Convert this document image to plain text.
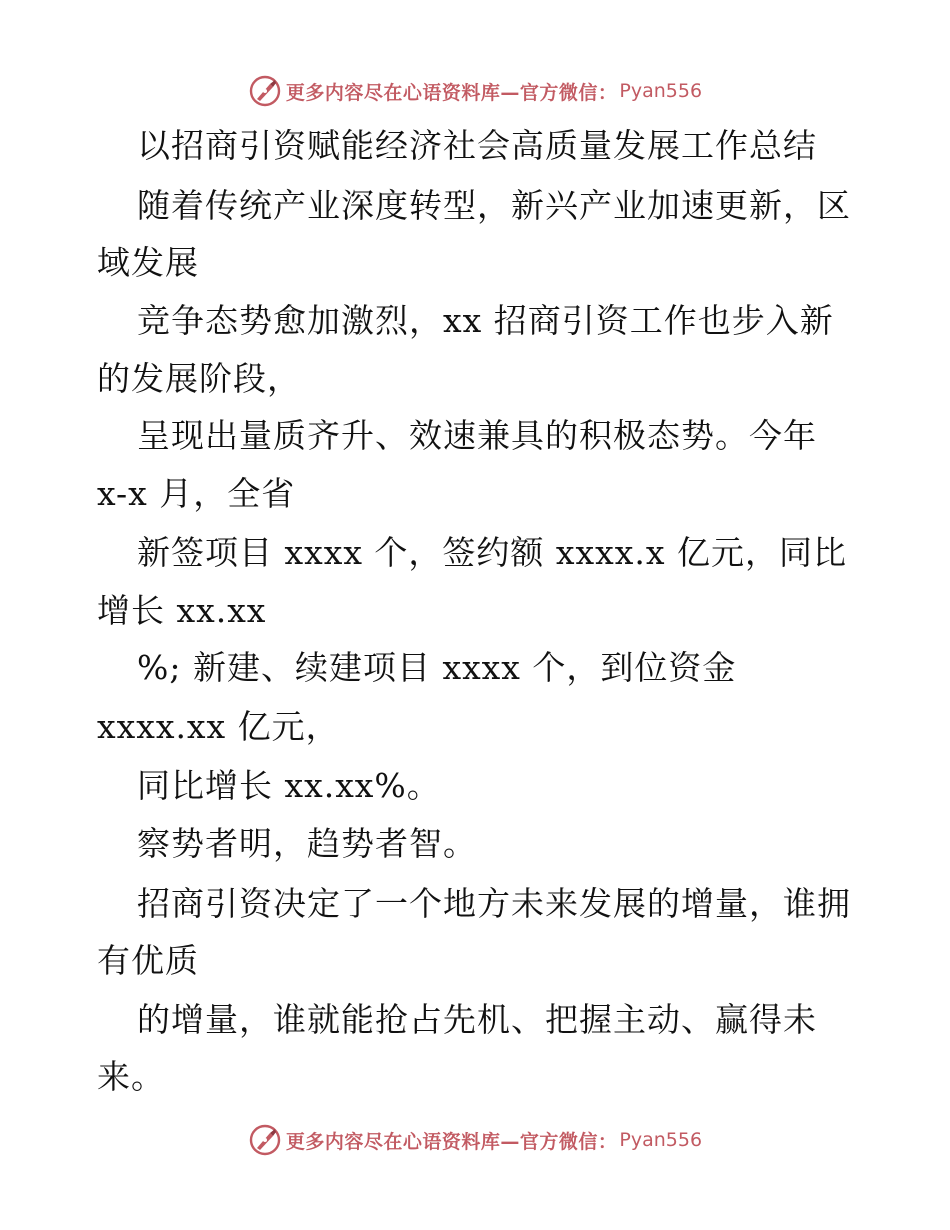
更多内容尽在心语资料库—官方微信： Pyan556
以招商引资赋能经济社会高质量发展工作总结
随着传统产业深度转型，新兴产业加速更新，区
域发展
竞争态势愈加激烈，xx 招商引资工作也步入新
的发展阶段，
呈现出量质齐升、效速兼具的积极态势。今年
x-x 月，全省
新签项目 xxxx 个，签约额 xxxx.x 亿元，同比
增长 xx.xx
%; 新建、续建项目 xxxx 个，到位资金
xxxx.xx 亿元，
同比增长 xx.xx%。
察势者明，趋势者智。
招商引资决定了一个地方未来发展的增量，谁拥
有优质
的增量，谁就能抢占先机、把握主动、赢得未
来。
更多内容尽在心语资料库—官方微信： Pyan556
